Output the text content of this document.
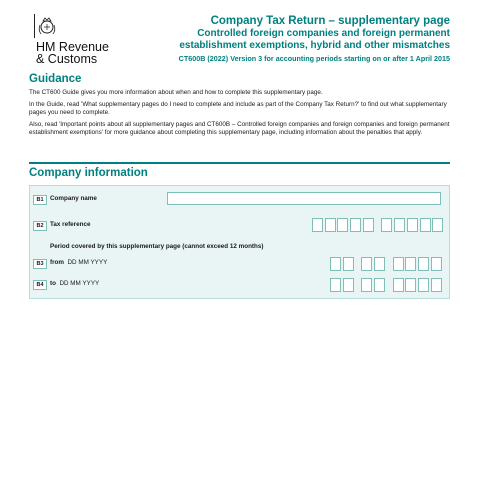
HM Revenue
& Customs
Company Tax Return – supplementary page
Controlled foreign companies and foreign permanent
establishment exemptions, hybrid and other mismatches
CT600B (2022) Version 3 for accounting periods starting on or after 1 April 2015
Guidance

The CT600 Guide gives you more information about when and how to complete this supplementary page.

In the Guide, read 'What supplementary pages do I need to complete and include as part of the Company Tax Return?' to find out what supplementary pages you need to complete.

Also, read 'Important points about all supplementary pages and CT600B – Controlled foreign companies and foreign companies and foreign permanent establishment exemptions' for more guidance about completing this supplementary page, including information about the penalties that apply.

Company information
B1	Company name
B2	Tax reference
Period covered by this supplementary page (cannot exceed 12 months)
B3	from DD MM YYYY
B4	to DD MM YYYY
